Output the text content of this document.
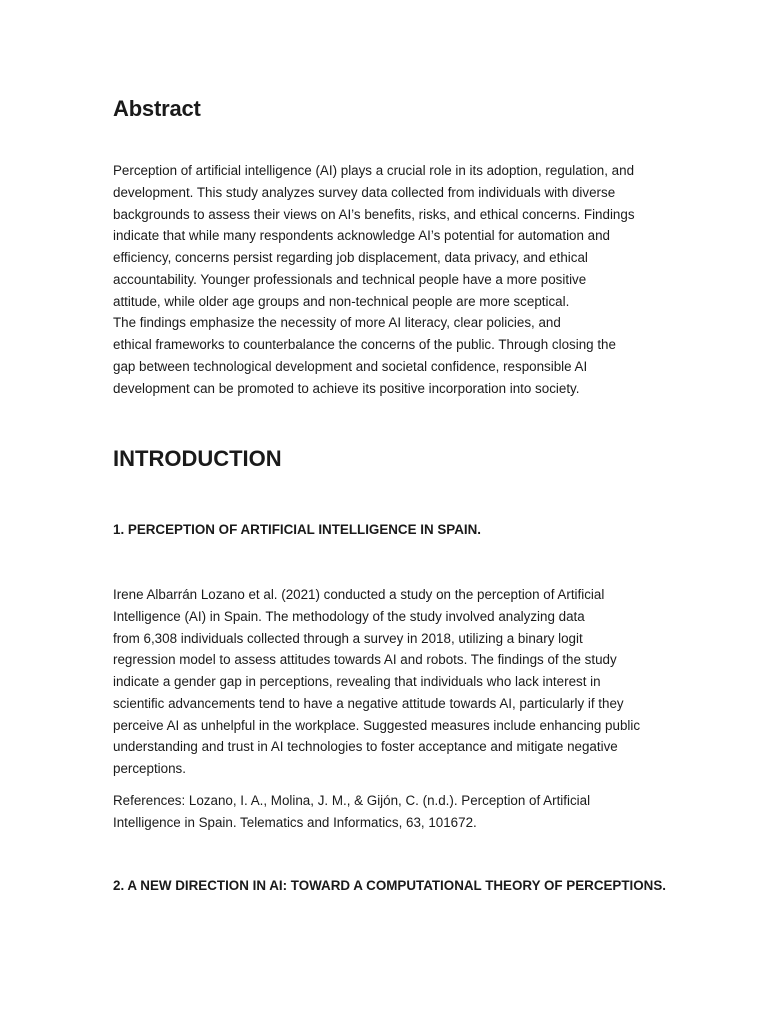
Abstract

Perception of artificial intelligence (AI) plays a crucial role in its adoption, regulation, and
development. This study analyzes survey data collected from individuals with diverse
backgrounds to assess their views on AI’s benefits, risks, and ethical concerns. Findings
indicate that while many respondents acknowledge AI’s potential for automation and
efficiency, concerns persist regarding job displacement, data privacy, and ethical
accountability. Younger professionals and technical people have a more positive
attitude, while older age groups and non-technical people are more sceptical.
The findings emphasize the necessity of more AI literacy, clear policies, and
ethical frameworks to counterbalance the concerns of the public. Through closing the
gap between technological development and societal confidence, responsible AI
development can be promoted to achieve its positive incorporation into society.

INTRODUCTION
1. PERCEPTION OF ARTIFICIAL INTELLIGENCE IN SPAIN.

Irene Albarrán Lozano et al. (2021) conducted a study on the perception of Artificial
Intelligence (AI) in Spain. The methodology of the study involved analyzing data
from 6,308 individuals collected through a survey in 2018, utilizing a binary logit
regression model to assess attitudes towards AI and robots. The findings of the study
indicate a gender gap in perceptions, revealing that individuals who lack interest in
scientific advancements tend to have a negative attitude towards AI, particularly if they
perceive AI as unhelpful in the workplace. Suggested measures include enhancing public
understanding and trust in AI technologies to foster acceptance and mitigate negative
perceptions.

References: Lozano, I. A., Molina, J. M., & Gijón, C. (n.d.). Perception of Artificial
Intelligence in Spain. Telematics and Informatics, 63, 101672.

2. A NEW DIRECTION IN AI: TOWARD A COMPUTATIONAL THEORY OF PERCEPTIONS.
